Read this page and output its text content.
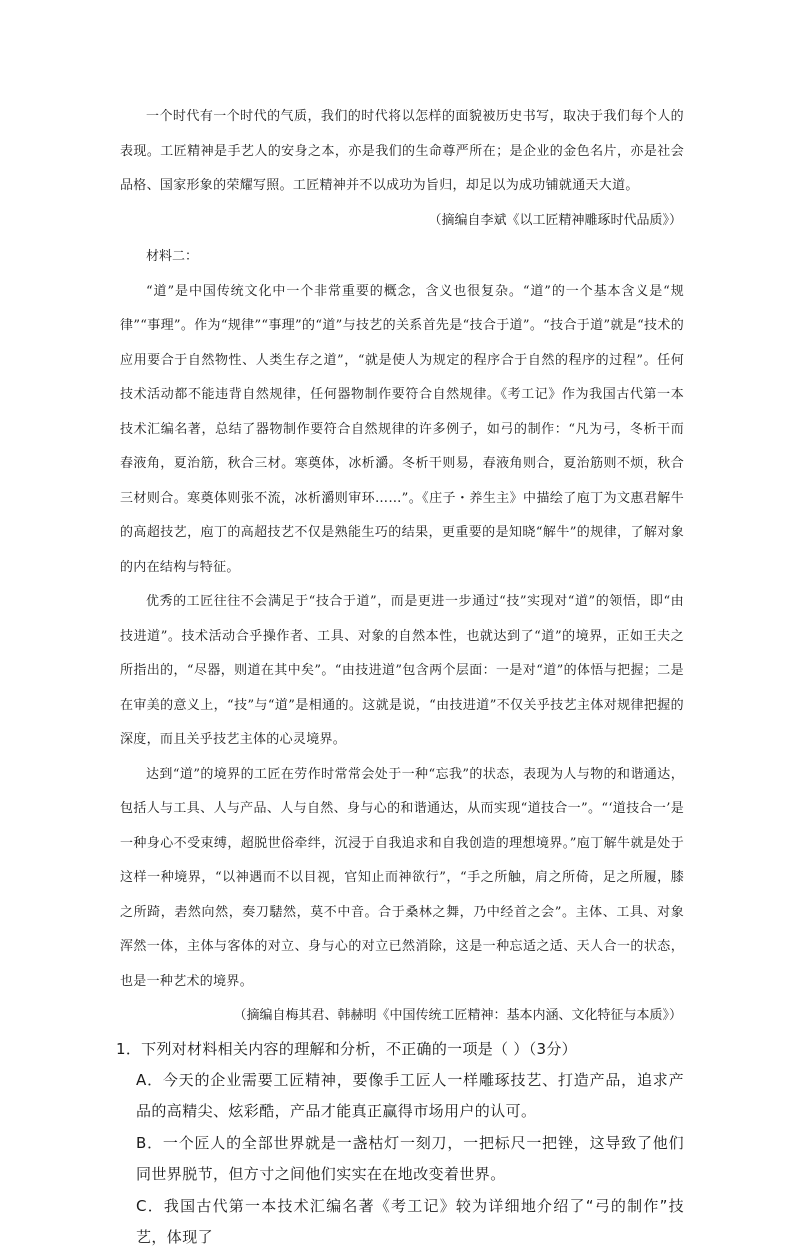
一个时代有一个时代的气质，我们的时代将以怎样的面貌被历史书写，取决于我们每个人的表现。工匠精神是手艺人的安身之本，亦是我们的生命尊严所在；是企业的金色名片，亦是社会品格、国家形象的荣耀写照。工匠精神并不以成功为旨归，却足以为成功铺就通天大道。

（摘编自李斌《以工匠精神雕琢时代品质》）

材料二：

“道”是中国传统文化中一个非常重要的概念，含义也很复杂。“道”的一个基本含义是“规律”“事理”。作为“规律”“事理”的“道”与技艺的关系首先是“技合于道”。“技合于道”就是“技术的应用要合于自然物性、人类生存之道”，“就是使人为规定的程序合于自然的程序的过程”。任何技术活动都不能违背自然规律，任何器物制作要符合自然规律。《考工记》作为我国古代第一本技术汇编名著，总结了器物制作要符合自然规律的许多例子，如弓的制作：“凡为弓，冬析干而春液角，夏治筋，秋合三材。寒奠体，冰析灂。冬析干则易，春液角则合，夏治筋则不烦，秋合三材则合。寒奠体则张不流，冰析灂则审环……”。《庄子・养生主》中描绘了庖丁为文惠君解牛的高超技艺，庖丁的高超技艺不仅是熟能生巧的结果，更重要的是知晓“解牛”的规律，了解对象的内在结构与特征。

优秀的工匠往往不会满足于“技合于道”，而是更进一步通过“技”实现对“道”的领悟，即“由技进道”。技术活动合乎操作者、工具、对象的自然本性，也就达到了“道”的境界，正如王夫之所指出的，“尽器，则道在其中矣”。“由技进道”包含两个层面：一是对“道”的体悟与把握；二是在审美的意义上，“技”与“道”是相通的。这就是说，“由技进道”不仅关乎技艺主体对规律把握的深度，而且关乎技艺主体的心灵境界。

达到“道”的境界的工匠在劳作时常常会处于一种“忘我”的状态，表现为人与物的和谐通达，包括人与工具、人与产品、人与自然、身与心的和谐通达，从而实现“道技合一”。“‘道技合一’是一种身心不受束缚，超脱世俗牵绊，沉浸于自我追求和自我创造的理想境界。”庖丁解牛就是处于这样一种境界，“以神遇而不以目视，官知止而神欲行”，“手之所触，肩之所倚，足之所履，膝之所踦，砉然向然，奏刀騞然，莫不中音。合于桑林之舞，乃中经首之会”。主体、工具、对象浑然一体，主体与客体的对立、身与心的对立已然消除，这是一种忘适之适、天人合一的状态，也是一种艺术的境界。

（摘编自梅其君、韩赫明《中国传统工匠精神：基本内涵、文化特征与本质》）

1．下列对材料相关内容的理解和分析，不正确的一项是（ ）（3分）

A．今天的企业需要工匠精神，要像手工匠人一样雕琢技艺、打造产品，追求产品的高精尖、炫彩酷，产品才能真正赢得市场用户的认可。

B．一个匠人的全部世界就是一盏枯灯一刻刀，一把标尺一把锉，这导致了他们同世界脱节，但方寸之间他们实实在在地改变着世界。

C．我国古代第一本技术汇编名著《考工记》较为详细地介绍了“弓的制作”技艺，体现了
